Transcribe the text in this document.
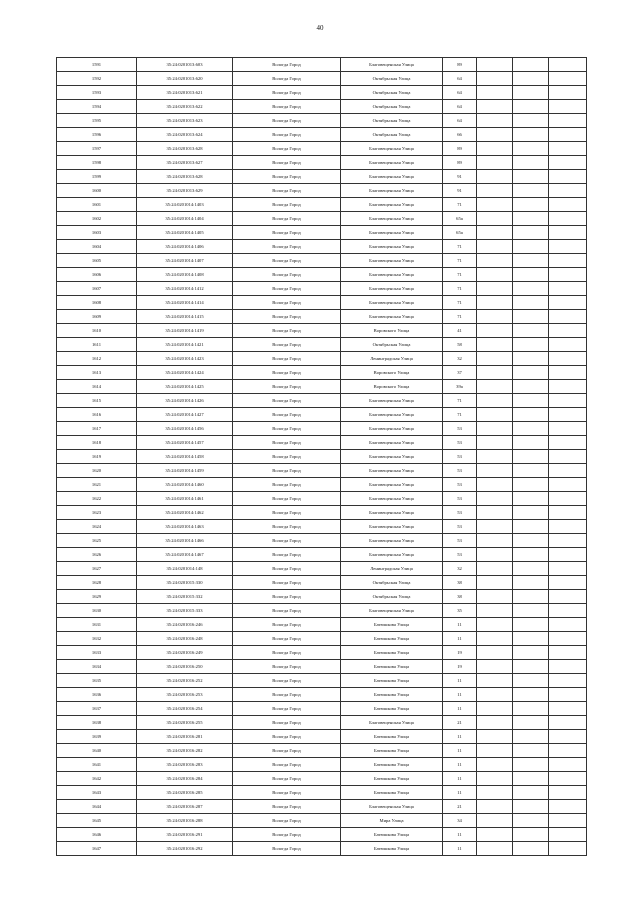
40
1591	35:24:0201013:603	Вологда Город	Благовещенская Улица	89			
1592	35:24:0201013:620	Вологда Город	Октябрьская Улица	64			
1593	35:24:0201013:621	Вологда Город	Октябрьская Улица	64			
1594	35:24:0201013:622	Вологда Город	Октябрьская Улица	64			
1595	35:24:0201013:623	Вологда Город	Октябрьская Улица	64			
1596	35:24:0201013:624	Вологда Город	Октябрьская Улица	66			
1597	35:24:0201013:628	Вологда Город	Благовещенская Улица	89			
1598	35:24:0201013:627	Вологда Город	Благовещенская Улица	89			
1599	35:24:0201013:628	Вологда Город	Благовещенская Улица	91			
1600	35:24:0201013:629	Вологда Город	Благовещенская Улица	91			
1601	35:24:0201014:1403	Вологда Город	Благовещенская Улица	71			
1602	35:24:0201014:1404	Вологда Город	Благовещенская Улица	65а			
1603	35:24:0201014:1405	Вологда Город	Благовещенская Улица	65а			
1604	35:24:0201014:1406	Вологда Город	Благовещенская Улица	71			
1605	35:24:0201014:1407	Вологда Город	Благовещенская Улица	71			
1606	35:24:0201014:1408	Вологда Город	Благовещенская Улица	71			
1607	35:24:0201014:1412	Вологда Город	Благовещенская Улица	71			
1608	35:24:0201014:1414	Вологда Город	Благовещенская Улица	71			
1609	35:24:0201014:1415	Вологда Город	Благовещенская Улица	71			
1610	35:24:0201014:1419	Вологда Город	Воровского Улица	41			
1611	35:24:0201014:1421	Вологда Город	Октябрьская Улица	58			
1612	35:24:0201014:1423	Вологда Город	Ленинградская Улица	32			
1613	35:24:0201014:1424	Вологда Город	Воровского Улица	37			
1614	35:24:0201014:1425	Вологда Город	Воровского Улица	39а			
1615	35:24:0201014:1426	Вологда Город	Благовещенская Улица	71			
1616	35:24:0201014:1427	Вологда Город	Благовещенская Улица	71			
1617	35:24:0201014:1456	Вологда Город	Благовещенская Улица	53			
1618	35:24:0201014:1457	Вологда Город	Благовещенская Улица	53			
1619	35:24:0201014:1458	Вологда Город	Благовещенская Улица	53			
1620	35:24:0201014:1459	Вологда Город	Благовещенская Улица	53			
1621	35:24:0201014:1460	Вологда Город	Благовещенская Улица	53			
1622	35:24:0201014:1461	Вологда Город	Благовещенская Улица	53			
1623	35:24:0201014:1462	Вологда Город	Благовещенская Улица	53			
1624	35:24:0201014:1463	Вологда Город	Благовещенская Улица	53			
1625	35:24:0201014:1466	Вологда Город	Благовещенская Улица	53			
1626	35:24:0201014:1467	Вологда Город	Благовещенская Улица	53			
1627	35:24:0201014:148	Вологда Город	Ленинградская Улица	32			
1628	35:24:0201015:330	Вологда Город	Октябрьская Улица	38			
1629	35:24:0201015:332	Вологда Город	Октябрьская Улица	38			
1630	35:24:0201015:333	Вологда Город	Благовещенская Улица	35			
1631	35:24:0201016:246	Вологда Город	Батюшкова Улица	11			
1632	35:24:0201016:248	Вологда Город	Батюшкова Улица	11			
1633	35:24:0201016:249	Вологда Город	Батюшкова Улица	19			
1634	35:24:0201016:250	Вологда Город	Батюшкова Улица	19			
1635	35:24:0201016:252	Вологда Город	Батюшкова Улица	11			
1636	35:24:0201016:253	Вологда Город	Батюшкова Улица	11			
1637	35:24:0201016:254	Вологда Город	Батюшкова Улица	11			
1638	35:24:0201016:255	Вологда Город	Благовещенская Улица	21			
1639	35:24:0201016:281	Вологда Город	Батюшкова Улица	11			
1640	35:24:0201016:282	Вологда Город	Батюшкова Улица	11			
1641	35:24:0201016:283	Вологда Город	Батюшкова Улица	11			
1642	35:24:0201016:284	Вологда Город	Батюшкова Улица	11			
1643	35:24:0201016:285	Вологда Город	Батюшкова Улица	11			
1644	35:24:0201016:287	Вологда Город	Благовещенская Улица	21			
1645	35:24:0201016:288	Вологда Город	Мира Улица	34			
1646	35:24:0201016:291	Вологда Город	Батюшкова Улица	11			
1647	35:24:0201016:292	Вологда Город	Батюшкова Улица	11			
